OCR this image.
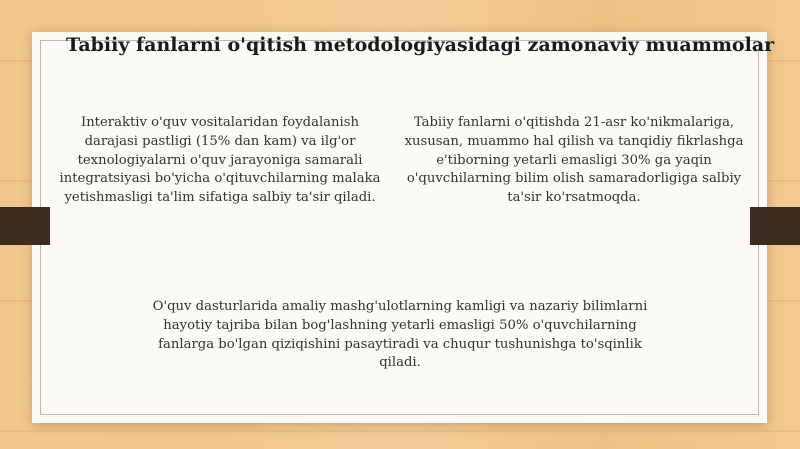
Tabiiy fanlarni o'qitish metodologiyasidagi zamonaviy muammolar
Interaktiv o'quv vositalaridan foydalanish darajasi pastligi (15% dan kam) va ilg'or texnologiyalarni o'quv jarayoniga samarali integratsiyasi bo'yicha o'qituvchilarning malaka yetishmasligi ta'lim sifatiga salbiy ta'sir qiladi.
Tabiiy fanlarni o'qitishda 21-asr ko'nikmalariga, xususan, muammo hal qilish va tanqidiy fikrlashga e'tiborning yetarli emasligi 30% ga yaqin o'quvchilarning bilim olish samaradorligiga salbiy ta'sir ko'rsatmoqda.
O'quv dasturlarida amaliy mashg'ulotlarning kamligi va nazariy bilimlarni hayotiy tajriba bilan bog'lashning yetarli emasligi 50% o'quvchilarning fanlarga bo'lgan qiziqishini pasaytiradi va chuqur tushunishga to'sqinlik qiladi.
